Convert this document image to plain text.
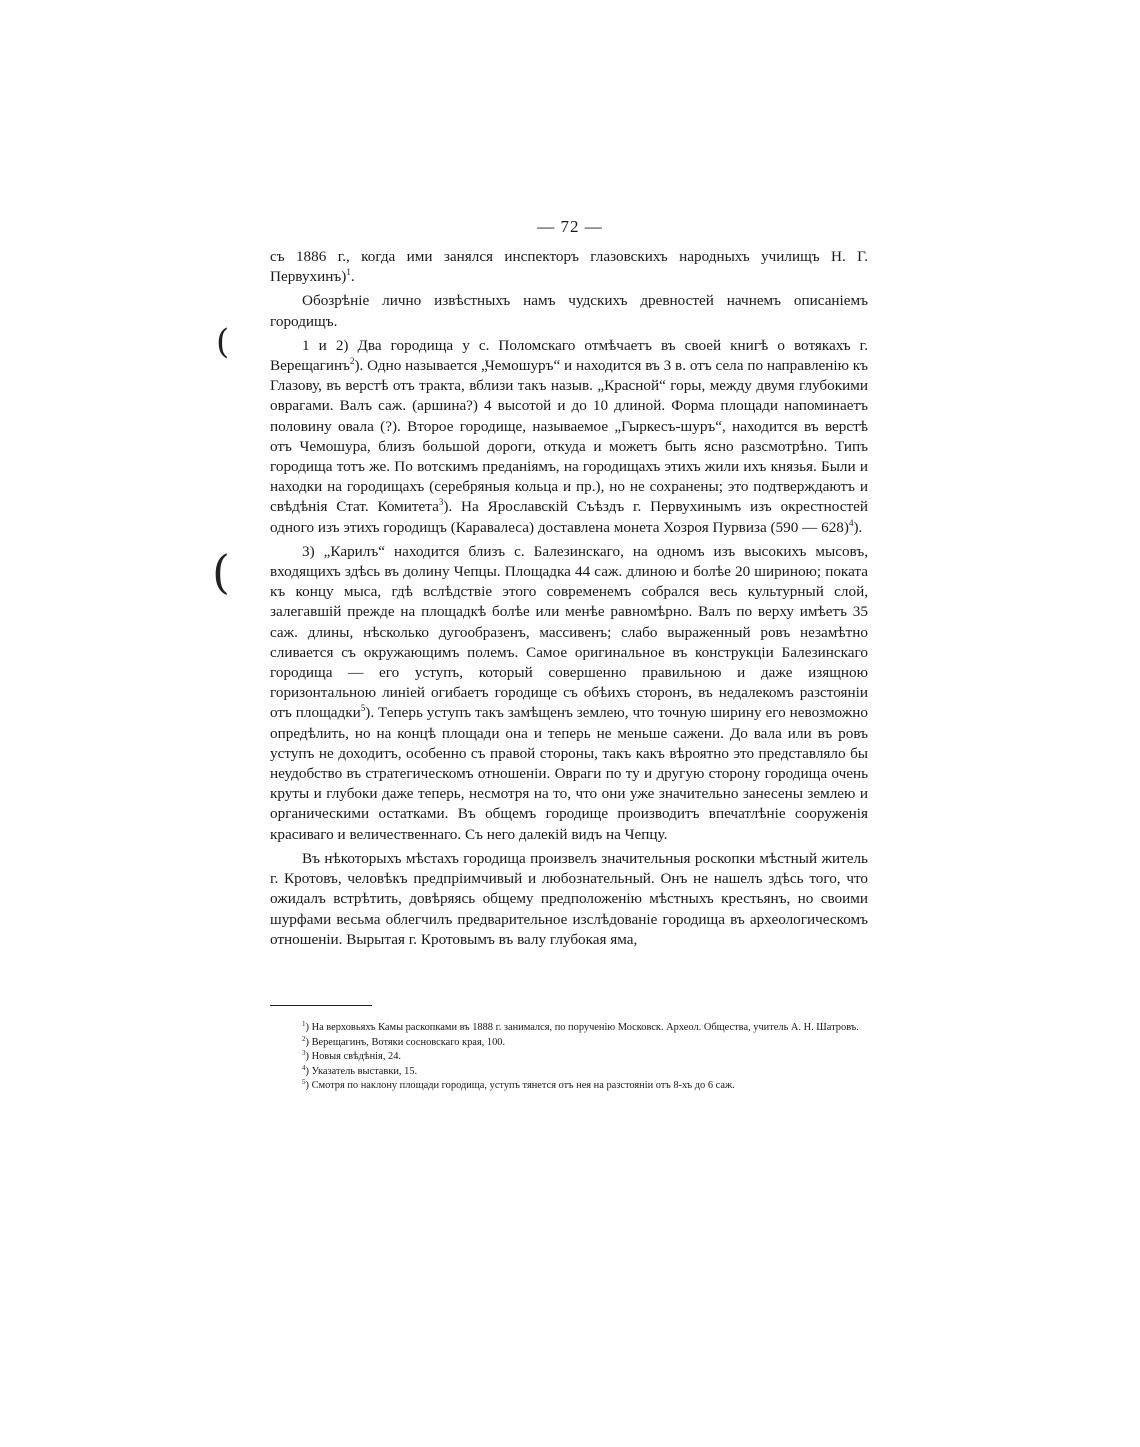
— 72 —
(
(

съ 1886 г., когда ими занялся инспекторъ глазовскихъ народныхъ училищъ Н. Г. Первухинъ)$^1$.

Обозрѣніе лично извѣстныхъ намъ чудскихъ древностей начнемъ описаніемъ городищъ.

1 и 2) Два городища у с. Поломскаго отмѣчаетъ въ своей книгѣ о вотякахъ г. Верещагинъ$^2$). Одно называется „Чемошуръ“ и находится въ 3 в. отъ села по направленію къ Глазову, въ верстѣ отъ тракта, вблизи такъ назыв. „Красной“ горы, между двумя глубокими оврагами. Валъ саж. (аршина?) 4 высотой и до 10 длиной. Форма площади напоминаетъ половину овала (?). Второе городище, называемое „Гыркесъ-шуръ“, находится въ верстѣ отъ Чемошура, близъ большой дороги, откуда и можетъ быть ясно разсмотрѣно. Типъ городища тотъ же. По вотскимъ преданіямъ, на городищахъ этихъ жили ихъ князья. Были и находки на городищахъ (серебряныя кольца и пр.), но не сохранены; это подтверждаютъ и свѣдѣнія Стат. Комитета$^3$). На Ярославскій Съѣздъ г. Первухинымъ изъ окрестностей одного изъ этихъ городищъ (Каравалеса) доставлена монета Хозроя Пурвиза (590 — 628)$^4$).

3) „Карилъ“ находится близъ с. Балезинскаго, на одномъ изъ высокихъ мысовъ, входящихъ здѣсь въ долину Чепцы. Площадка 44 саж. длиною и болѣе 20 шириною; поката къ концу мыса, гдѣ вслѣдствіе этого современемъ собрался весь культурный слой, залегавшій прежде на площадкѣ болѣе или менѣе равномѣрно. Валъ по верху имѣетъ 35 саж. длины, нѣсколько дугообразенъ, массивенъ; слабо выраженный ровъ незамѣтно сливается съ окружающимъ полемъ. Самое оригинальное въ конструкціи Балезинскаго городища — его уступъ, который совершенно правильною и даже изящною горизонтальною линіей огибаетъ городище съ обѣихъ сторонъ, въ недалекомъ разстояніи отъ площадки$^5$). Теперь уступъ такъ замѣщенъ землею, что точную ширину его невозможно опредѣлить, но на концѣ площади она и теперь не меньше сажени. До вала или въ ровъ уступъ не доходитъ, особенно съ правой стороны, такъ какъ вѣроятно это представляло бы неудобство въ стратегическомъ отношеніи. Овраги по ту и другую сторону городища очень круты и глубоки даже теперь, несмотря на то, что они уже значительно занесены землею и органическими остатками. Въ общемъ городище производитъ впечатлѣніе сооруженія красиваго и величественнаго. Съ него далекій видъ на Чепцу.

Въ нѣкоторыхъ мѣстахъ городища произвелъ значительныя роскопки мѣстный житель г. Кротовъ, человѣкъ предпріимчивый и любознательный. Онъ не нашелъ здѣсь того, что ожидалъ встрѣтить, довѣряясь общему предположенію мѣстныхъ крестьянъ, но своими шурфами весьма облегчилъ предварительное изслѣдованіе городища въ археологическомъ отношеніи. Вырытая г. Кротовымъ въ валу глубокая яма,

$^1$) На верховьяхъ Камы раскопками въ 1888 г. занимался, по порученію Московск. Археол. Общества, учитель А. Н. Шатровъ.

$^2$) Верещагинъ, Вотяки сосновскаго края, 100.

$^3$) Новыя свѣдѣнія, 24.

$^4$) Указатель выставки, 15.

$^5$) Смотря по наклону площади городища, уступъ тянется отъ нея на разстояніи отъ 8-хъ до 6 саж.
